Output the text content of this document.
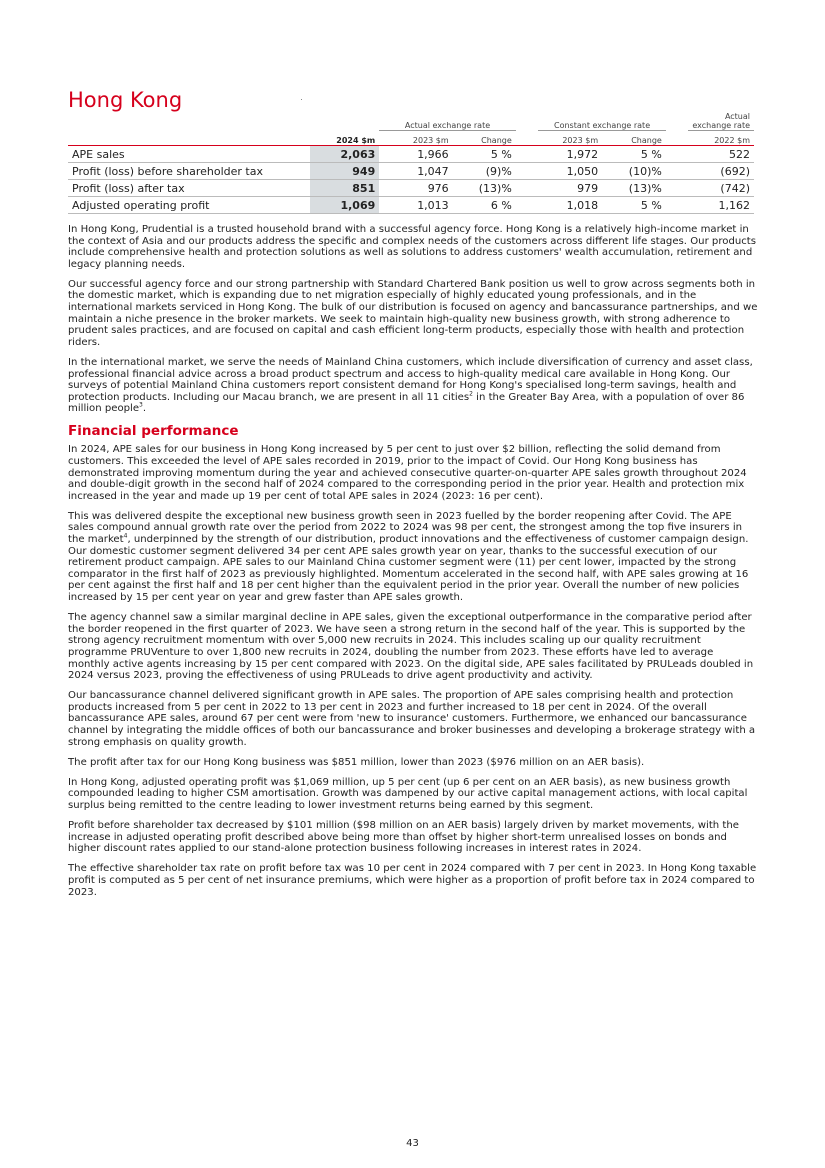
Hong Kong
		Actual exchange rate			Constant exchange rate			Actual
exchange rate
	2024 $m	2023 $m	Change		2023 $m	Change		2022 $m

APE sales	2,063	1,966	5 %		1,972	5 %		522
Profit (loss) before shareholder tax	949	1,047	(9)%		1,050	(10)%		(692)
Profit (loss) after tax	851	976	(13)%		979	(13)%		(742)
Adjusted operating profit	1,069	1,013	6 %		1,018	5 %		1,162

In Hong Kong, Prudential is a trusted household brand with a successful agency force. Hong Kong is a relatively high-income market in the context of Asia and our products address the specific and complex needs of the customers across different life stages. Our products include comprehensive health and protection solutions as well as solutions to address customers' wealth accumulation, retirement and legacy planning needs.

Our successful agency force and our strong partnership with Standard Chartered Bank position us well to grow across segments both in the domestic market, which is expanding due to net migration especially of highly educated young professionals, and in the international markets serviced in Hong Kong. The bulk of our distribution is focused on agency and bancassurance partnerships, and we maintain a niche presence in the broker markets. We seek to maintain high-quality new business growth, with strong adherence to prudent sales practices, and are focused on capital and cash efficient long-term products, especially those with health and protection riders.

In the international market, we serve the needs of Mainland China customers, which include diversification of currency and asset class, professional financial advice across a broad product spectrum and access to high-quality medical care available in Hong Kong. Our surveys of potential Mainland China customers report consistent demand for Hong Kong's specialised long-term savings, health and protection products. Including our Macau branch, we are present in all 11 cities$^2$ in the Greater Bay Area, with a population of over 86 million people$^3$.

Financial performance

In 2024, APE sales for our business in Hong Kong increased by 5 per cent to just over $2 billion, reflecting the solid demand from customers. This exceeded the level of APE sales recorded in 2019, prior to the impact of Covid. Our Hong Kong business has demonstrated improving momentum during the year and achieved consecutive quarter-on-quarter APE sales growth throughout 2024 and double-digit growth in the second half of 2024 compared to the corresponding period in the prior year. Health and protection mix increased in the year and made up 19 per cent of total APE sales in 2024 (2023: 16 per cent).

This was delivered despite the exceptional new business growth seen in 2023 fuelled by the border reopening after Covid. The APE sales compound annual growth rate over the period from 2022 to 2024 was 98 per cent, the strongest among the top five insurers in the market$^4$, underpinned by the strength of our distribution, product innovations and the effectiveness of customer campaign design. Our domestic customer segment delivered 34 per cent APE sales growth year on year, thanks to the successful execution of our retirement product campaign. APE sales to our Mainland China customer segment were (11) per cent lower, impacted by the strong comparator in the first half of 2023 as previously highlighted. Momentum accelerated in the second half, with APE sales growing at 16 per cent against the first half and 18 per cent higher than the equivalent period in the prior year. Overall the number of new policies increased by 15 per cent year on year and grew faster than APE sales growth.

The agency channel saw a similar marginal decline in APE sales, given the exceptional outperformance in the comparative period after the border reopened in the first quarter of 2023. We have seen a strong return in the second half of the year. This is supported by the strong agency recruitment momentum with over 5,000 new recruits in 2024. This includes scaling up our quality recruitment programme PRUVenture to over 1,800 new recruits in 2024, doubling the number from 2023. These efforts have led to average monthly active agents increasing by 15 per cent compared with 2023. On the digital side, APE sales facilitated by PRULeads doubled in 2024 versus 2023, proving the effectiveness of using PRULeads to drive agent productivity and activity.

Our bancassurance channel delivered significant growth in APE sales. The proportion of APE sales comprising health and protection products increased from 5 per cent in 2022 to 13 per cent in 2023 and further increased to 18 per cent in 2024. Of the overall bancassurance APE sales, around 67 per cent were from 'new to insurance' customers. Furthermore, we enhanced our bancassurance channel by integrating the middle offices of both our bancassurance and broker businesses and developing a brokerage strategy with a strong emphasis on quality growth.

The profit after tax for our Hong Kong business was $851 million, lower than 2023 ($976 million on an AER basis).

In Hong Kong, adjusted operating profit was $1,069 million, up 5 per cent (up 6 per cent on an AER basis), as new business growth compounded leading to higher CSM amortisation. Growth was dampened by our active capital management actions, with local capital surplus being remitted to the centre leading to lower investment returns being earned by this segment.

Profit before shareholder tax decreased by $101 million ($98 million on an AER basis) largely driven by market movements, with the increase in adjusted operating profit described above being more than offset by higher short-term unrealised losses on bonds and higher discount rates applied to our stand-alone protection business following increases in interest rates in 2024.

The effective shareholder tax rate on profit before tax was 10 per cent in 2024 compared with 7 per cent in 2023. In Hong Kong taxable profit is computed as 5 per cent of net insurance premiums, which were higher as a proportion of profit before tax in 2024 compared to 2023.

43
